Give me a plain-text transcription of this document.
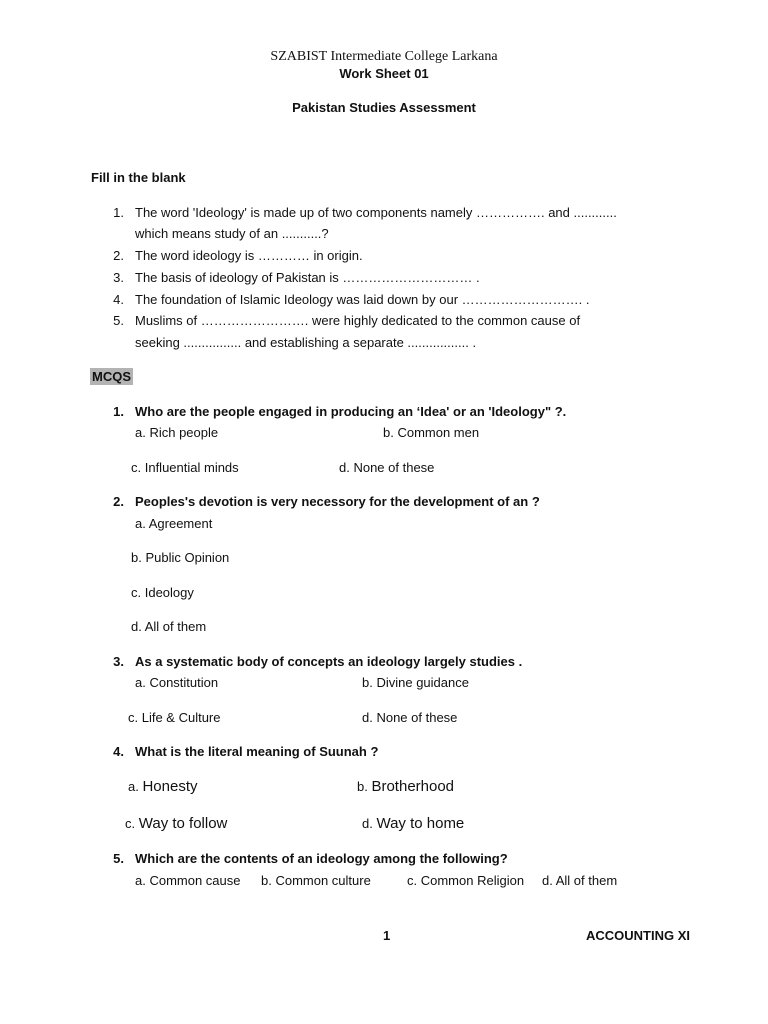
SZABIST Intermediate College Larkana
Work Sheet 01
Pakistan Studies Assessment
Fill in the blank
1. The word 'Ideology' is made up of two components namely ……………. and ............
which means study of an ...........?
2. The word ideology is ………… in origin.
3. The basis of ideology of Pakistan is ………………………… .
4. The foundation of Islamic Ideology was laid down by our ………………………. .
5. Muslims of ……………………. were highly dedicated to the common cause of
seeking ................ and establishing a separate ................. .
MCQS
1. Who are the people engaged in producing an ‘Idea' or an 'Ideology" ?.
a. Rich people	b. Common men
c. Influential minds	d. None of these
2. Peoples's devotion is very necessory for the development of an ?
a. Agreement
b. Public Opinion
c. Ideology
d. All of them
3. As a systematic body of concepts an ideology largely studies .
a. Constitution	b. Divine guidance
c. Life & Culture	d. None of these
4. What is the literal meaning of Suunah ?
a. Honesty	b. Brotherhood
c. Way to follow	d. Way to home
5. Which are the contents of an ideology among the following?
a. Common cause b. Common culture	c. Common Religion d. All of them
1	ACCOUNTING XI
